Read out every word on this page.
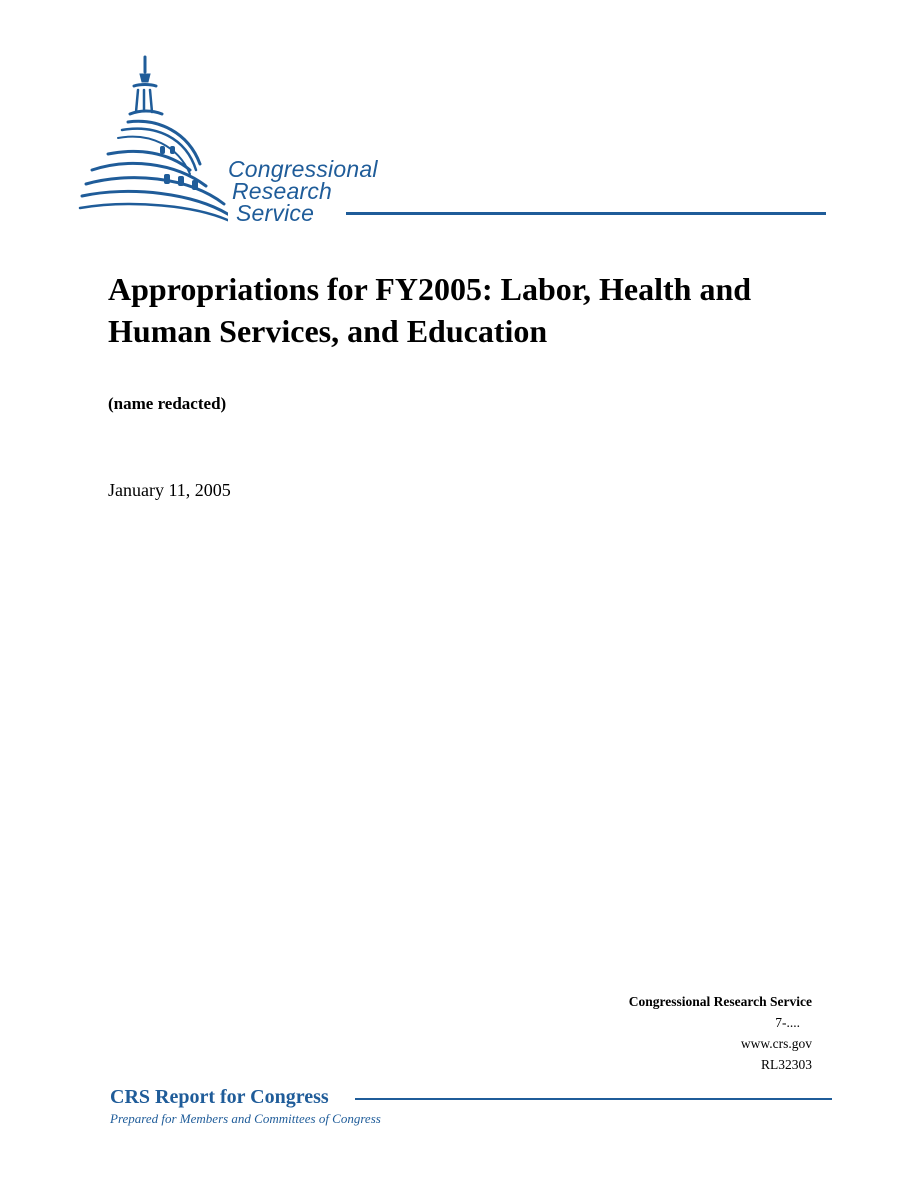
Congressional
Research
Service
Appropriations for FY2005: Labor, Health and Human Services, and Education
(name redacted)
January 11, 2005
Congressional Research Service
7-....
www.crs.gov
RL32303
CRS Report for Congress
Prepared for Members and Committees of Congress
